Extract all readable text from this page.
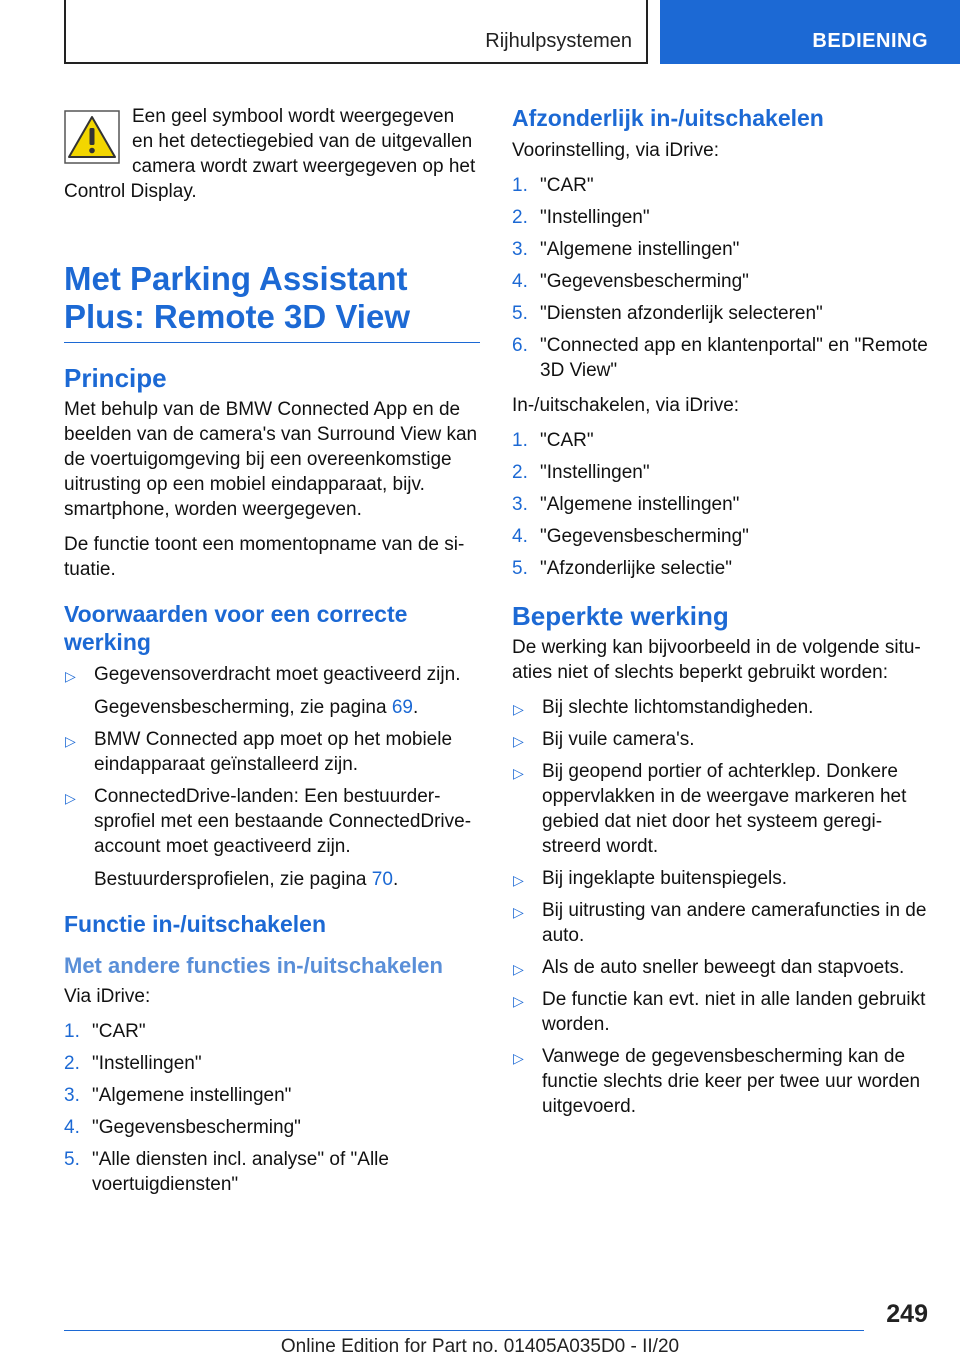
Rijhulpsystemen	BEDIENING

Een geel symbool wordt weergegeven en het detectiegebied van de uitgevallen camera wordt zwart weergegeven op het Control Display.

Met Parking Assistant Plus: Remote 3D View
Principe

Met behulp van de BMW Connected App en de beelden van de camera's van Surround View kan de voertuigomgeving bij een overeenkomstige uitrusting op een mobiel eindapparaat, bijv. smartphone, worden weergegeven.

De functie toont een momentopname van de situatie.

Voorwaarden voor een correcte werking
▷ Gegevensoverdracht moet geactiveerd zijn.
Gegevensbescherming, zie pagina 69.
▷ BMW Connected app moet op het mobiele eindapparaat geïnstalleerd zijn.
▷ ConnectedDrive-landen: Een bestuurdersprofiel met een bestaande ConnectedDrive-account moet geactiveerd zijn.
Bestuurdersprofielen, zie pagina 70.
Functie in-/uitschakelen
Met andere functies in-/uitschakelen

Via iDrive:

1. "CAR"
2. "Instellingen"
3. "Algemene instellingen"
4. "Gegevensbescherming"
5. "Alle diensten incl. analyse" of "Alle voertuigdiensten"
Afzonderlijk in-/uitschakelen

Voorinstelling, via iDrive:

1. "CAR"
2. "Instellingen"
3. "Algemene instellingen"
4. "Gegevensbescherming"
5. "Diensten afzonderlijk selecteren"
6. "Connected app en klantenportal" en "Remote 3D View"

In-/uitschakelen, via iDrive:

1. "CAR"
2. "Instellingen"
3. "Algemene instellingen"
4. "Gegevensbescherming"
5. "Afzonderlijke selectie"
Beperkte werking

De werking kan bijvoorbeeld in de volgende situaties niet of slechts beperkt gebruikt worden:

▷ Bij slechte lichtomstandigheden.
▷ Bij vuile camera's.
▷ Bij geopend portier of achterklep. Donkere oppervlakken in de weergave markeren het gebied dat niet door het systeem geregistreerd wordt.
▷ Bij ingeklapte buitenspiegels.
▷ Bij uitrusting van andere camerafuncties in de auto.
▷ Als de auto sneller beweegt dan stapvoets.
▷ De functie kan evt. niet in alle landen gebruikt worden.
▷ Vanwege de gegevensbescherming kan de functie slechts drie keer per twee uur worden uitgevoerd.
249
Online Edition for Part no. 01405A035D0 - II/20
